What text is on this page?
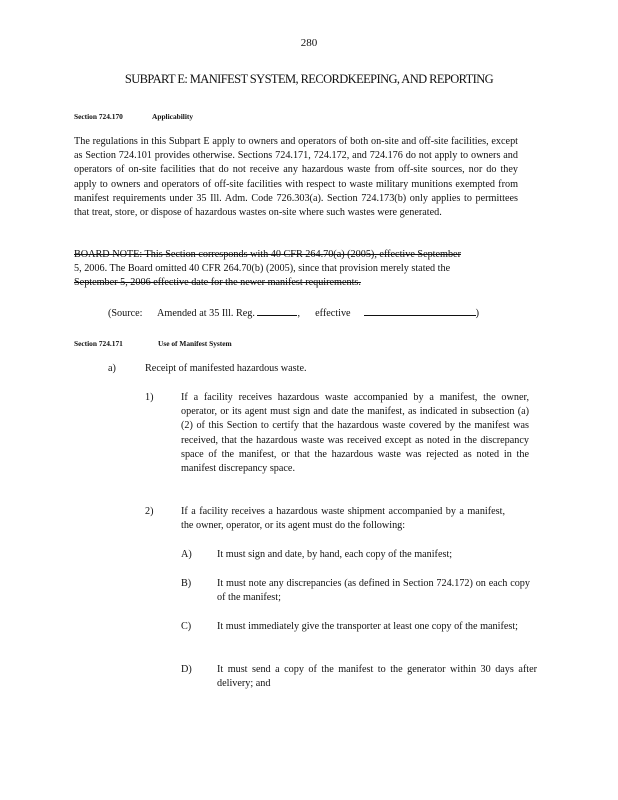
280
SUBPART E: MANIFEST SYSTEM, RECORDKEEPING, AND REPORTING
Section 724.170	Applicability
The regulations in this Subpart E apply to owners and operators of both on-site and off-site facilities, except as Section 724.101 provides otherwise. Sections 724.171, 724.172, and 724.176 do not apply to owners and operators of on-site facilities that do not receive any hazardous waste from off-site sources, nor do they apply to owners and operators of off-site facilities with respect to waste military munitions exempted from manifest requirements under 35 Ill. Adm. Code 726.303(a). Section 724.173(b) only applies to permittees that treat, store, or dispose of hazardous wastes on-site where such wastes were generated.
BOARD NOTE: This Section corresponds with 40 CFR 264.70(a) (2005), effective September
5, 2006. The Board omitted 40 CFR 264.70(b) (2005), since that provision merely stated the
September 5, 2006 effective date for the newer manifest requirements.
(Source: Amended at 35 Ill. Reg.	, effective	)
Section 724.171	Use of Manifest System
a)	Receipt of manifested hazardous waste.
1)	If a facility receives hazardous waste accompanied by a manifest, the owner, operator, or its agent must sign and date the manifest, as indicated in subsection (a)(2) of this Section to certify that the hazardous waste covered by the manifest was received, that the hazardous waste was received except as noted in the discrepancy space of the manifest, or that the hazardous waste was rejected as noted in the manifest discrepancy space.
2)	If a facility receives a hazardous waste shipment accompanied by a manifest, the owner, operator, or its agent must do the following:
A) It must sign and date, by hand, each copy of the manifest;
B)	It must note any discrepancies (as defined in Section 724.172) on each copy of the manifest;
C)	It must immediately give the transporter at least one copy of the manifest;
D) It must send a copy of the manifest to the generator within 30 days after delivery; and
